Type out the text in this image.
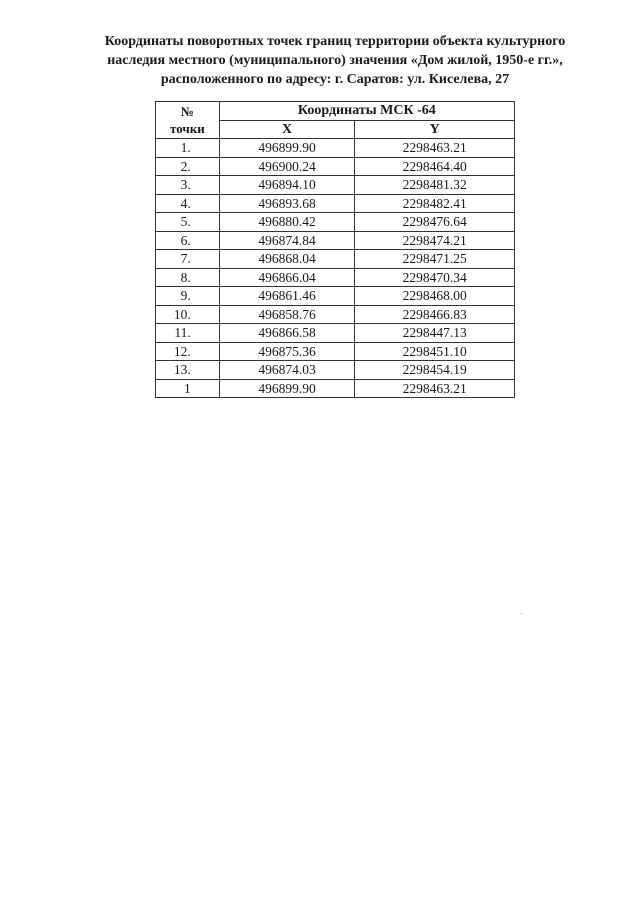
Координаты поворотных точек границ территории объекта культурного
наследия местного (муниципального) значения «Дом жилой, 1950-е гг.»,
расположенного по адресу: г. Саратов: ул. Киселева, 27
№
точки	Координаты МСК -64	
	X	Y
1.	496899.90	2298463.21
2.	496900.24	2298464.40
3.	496894.10	2298481.32
4.	496893.68	2298482.41
5.	496880.42	2298476.64
6.	496874.84	2298474.21
7.	496868.04	2298471.25
8.	496866.04	2298470.34
9.	496861.46	2298468.00
10.	496858.76	2298466.83
11.	496866.58	2298447.13
12.	496875.36	2298451.10
13.	496874.03	2298454.19
1	496899.90	2298463.21
